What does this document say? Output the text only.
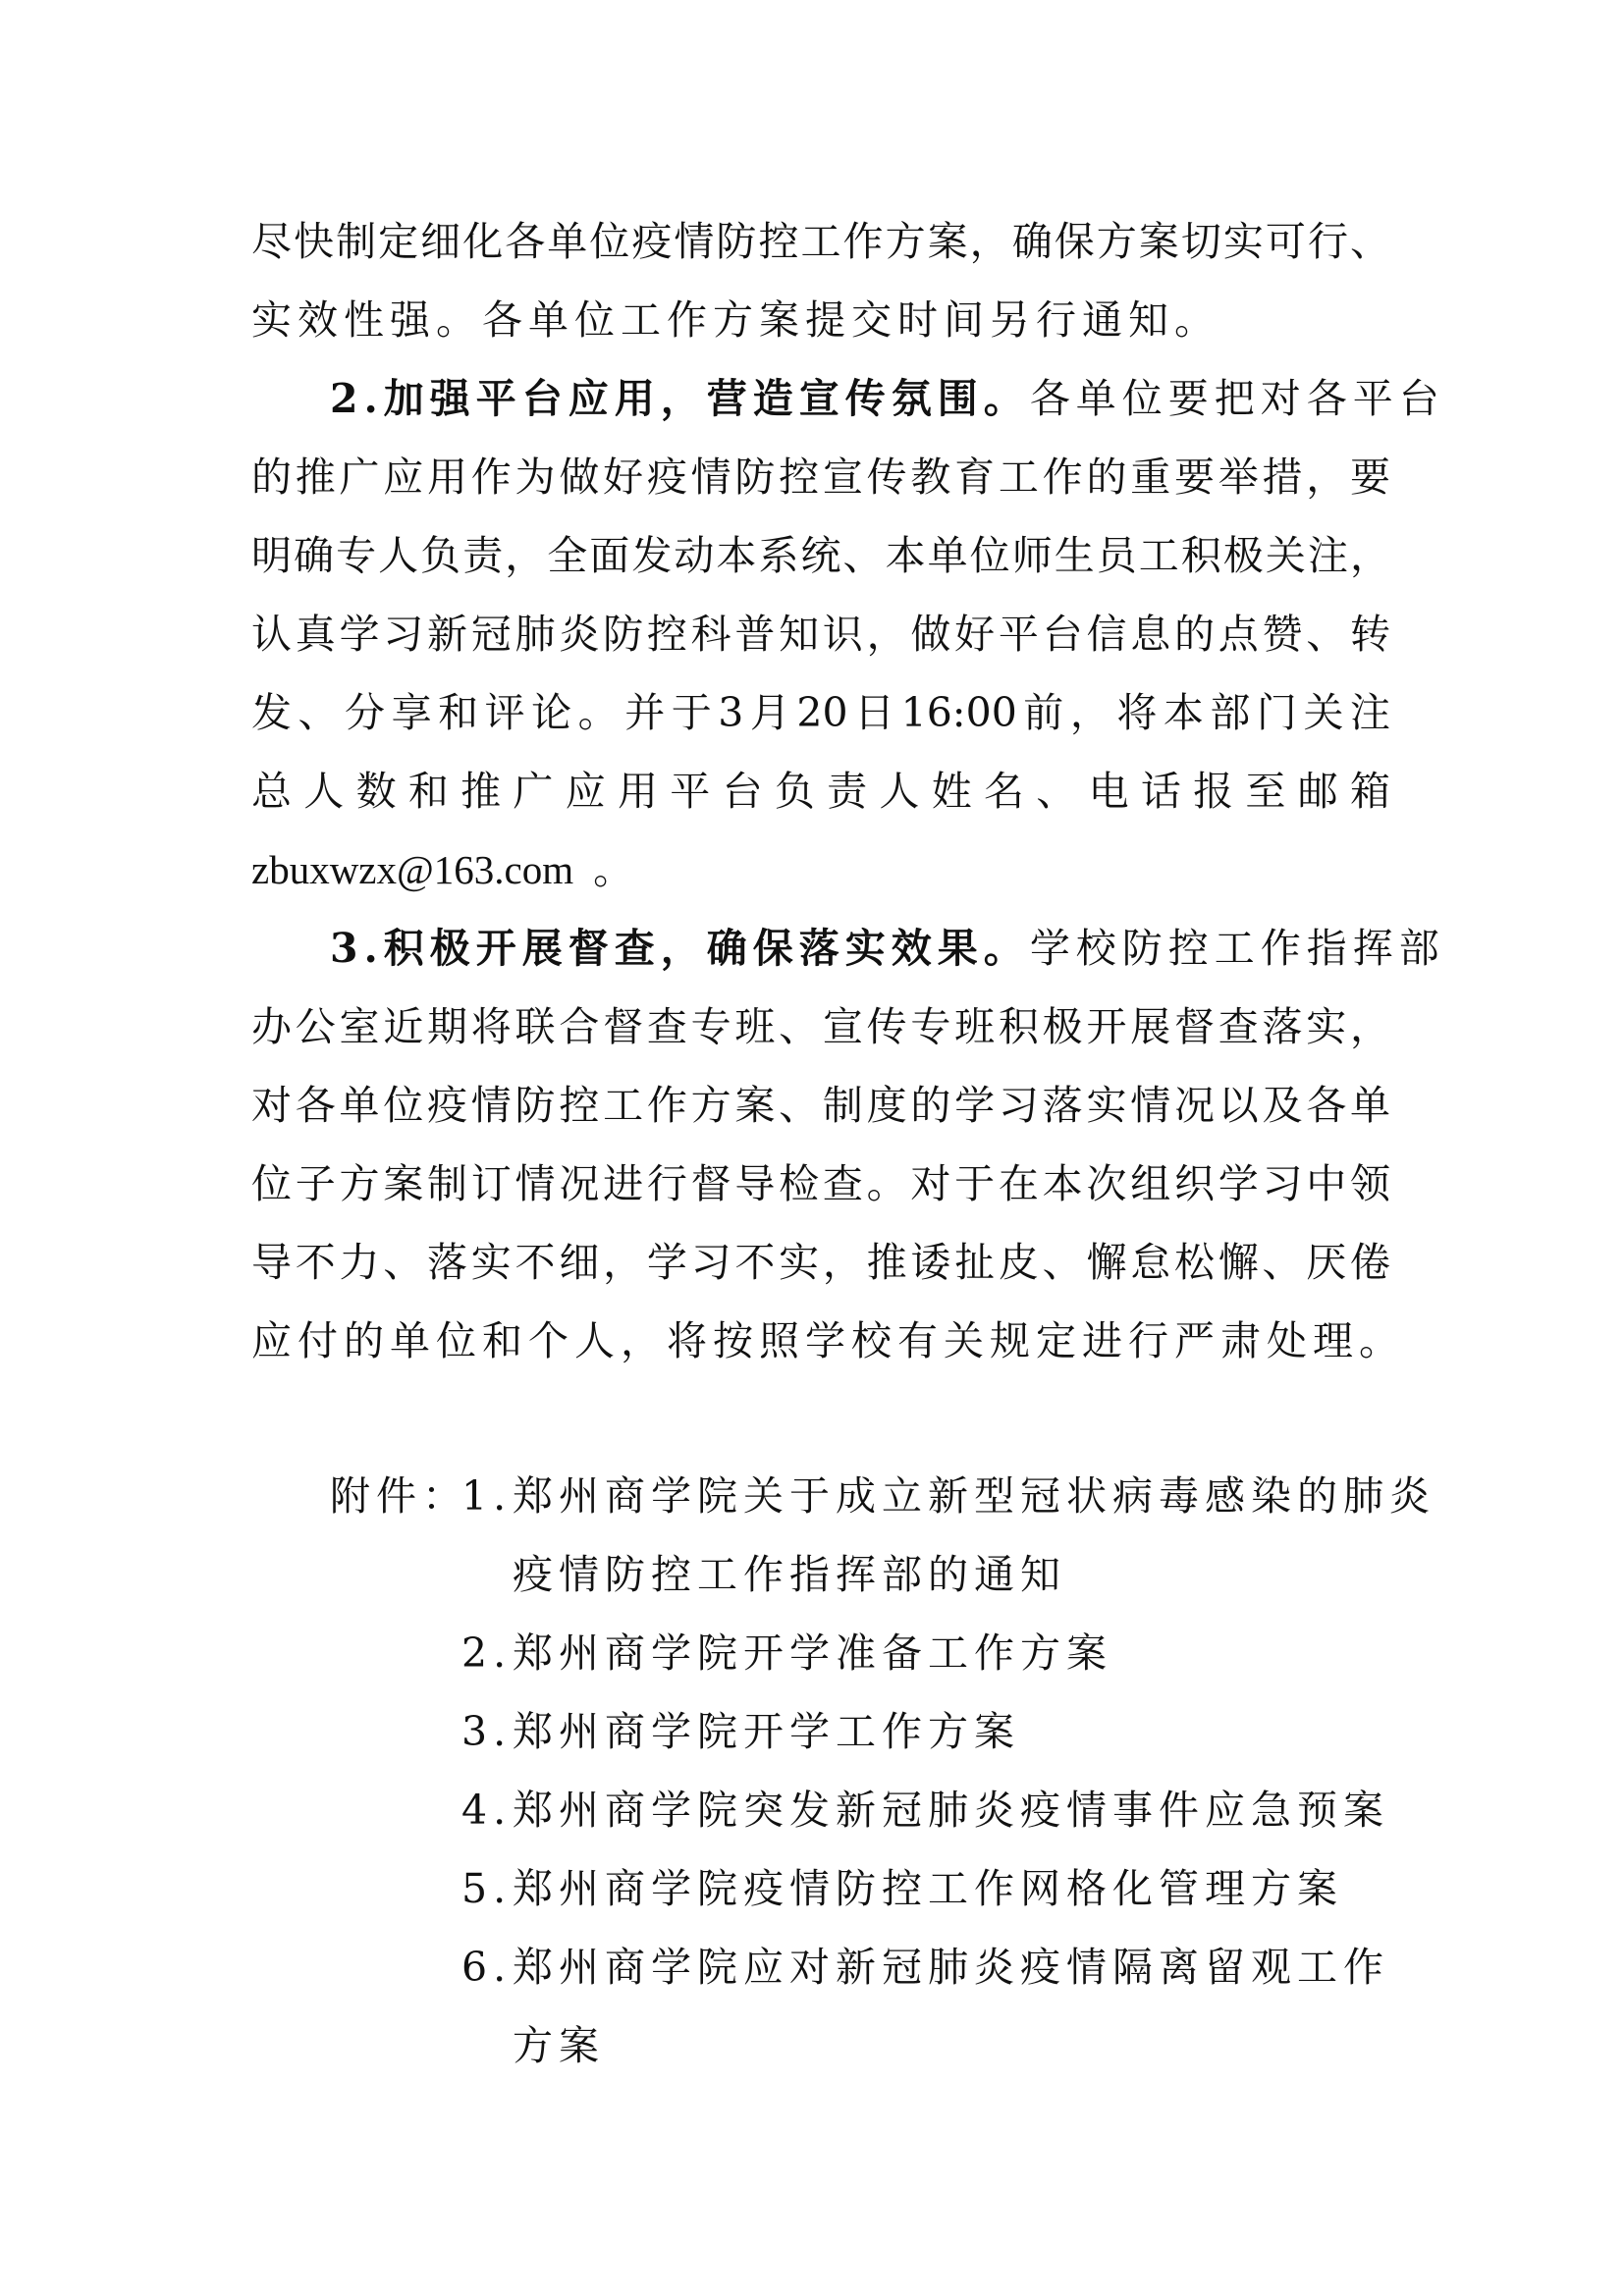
尽快制定细化各单位疫情防控工作方案，确保方案切实可行、
实效性强。各单位工作方案提交时间另行通知。
2.加强平台应用，营造宣传氛围。各单位要把对各平台
的推广应用作为做好疫情防控宣传教育工作的重要举措，要
明确专人负责，全面发动本系统、本单位师生员工积极关注，
认真学习新冠肺炎防控科普知识，做好平台信息的点赞、转
发、分享和评论。并于3月20日16:00前，将本部门关注
总人数和推广应用平台负责人姓名、电话报至邮箱
zbuxwzx@163.com 。
3.积极开展督查，确保落实效果。学校防控工作指挥部
办公室近期将联合督查专班、宣传专班积极开展督查落实，
对各单位疫情防控工作方案、制度的学习落实情况以及各单
位子方案制订情况进行督导检查。对于在本次组织学习中领
导不力、落实不细，学习不实，推诿扯皮、懈怠松懈、厌倦
应付的单位和个人，将按照学校有关规定进行严肃处理。
附件：
1. 郑州商学院关于成立新型冠状病毒感染的肺炎
疫情防控工作指挥部的通知
2. 郑州商学院开学准备工作方案
3. 郑州商学院开学工作方案
4. 郑州商学院突发新冠肺炎疫情事件应急预案
5. 郑州商学院疫情防控工作网格化管理方案
6. 郑州商学院应对新冠肺炎疫情隔离留观工作
方案
